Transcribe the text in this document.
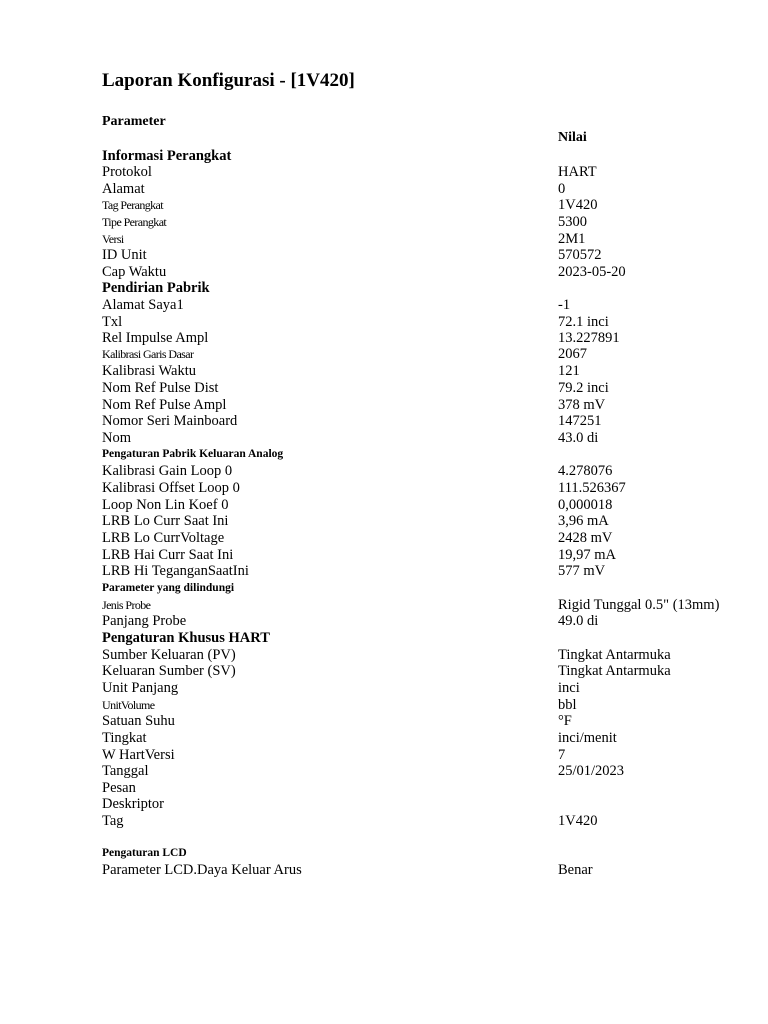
Laporan Konfigurasi - [1V420]
Parameter
Nilai
Informasi Perangkat
Protokol	HART
Alamat	0
Tag Perangkat	1V420
Tipe Perangkat	5300
Versi	2M1
ID Unit	570572
Cap Waktu	2023-05-20
Pendirian Pabrik
Alamat Saya1	-1
Txl	72.1 inci
Rel Impulse Ampl	13.227891
Kalibrasi Garis Dasar	2067
Kalibrasi Waktu	121
Nom Ref Pulse Dist	79.2 inci
Nom Ref Pulse Ampl	378 mV
Nomor Seri Mainboard	147251
Nom	43.0 di
Pengaturan Pabrik Keluaran Analog
Kalibrasi Gain Loop 0	4.278076
Kalibrasi Offset Loop 0	111.526367
Loop Non Lin Koef 0	0,000018
LRB Lo Curr Saat Ini	3,96 mA
LRB Lo CurrVoltage	2428 mV
LRB Hai Curr Saat Ini	19,97 mA
LRB Hi TeganganSaatIni	577 mV
Parameter yang dilindungi
Jenis Probe	Rigid Tunggal 0.5" (13mm)
Panjang Probe	49.0 di
Pengaturan Khusus HART
Sumber Keluaran (PV)	Tingkat Antarmuka
Keluaran Sumber (SV)	Tingkat Antarmuka
Unit Panjang	inci
UnitVolume	bbl
Satuan Suhu	°F
Tingkat	inci/menit
W HartVersi	7
Tanggal	25/01/2023
Pesan
Deskriptor
Tag	1V420
Pengaturan LCD
Parameter LCD.Daya Keluar Arus	Benar
